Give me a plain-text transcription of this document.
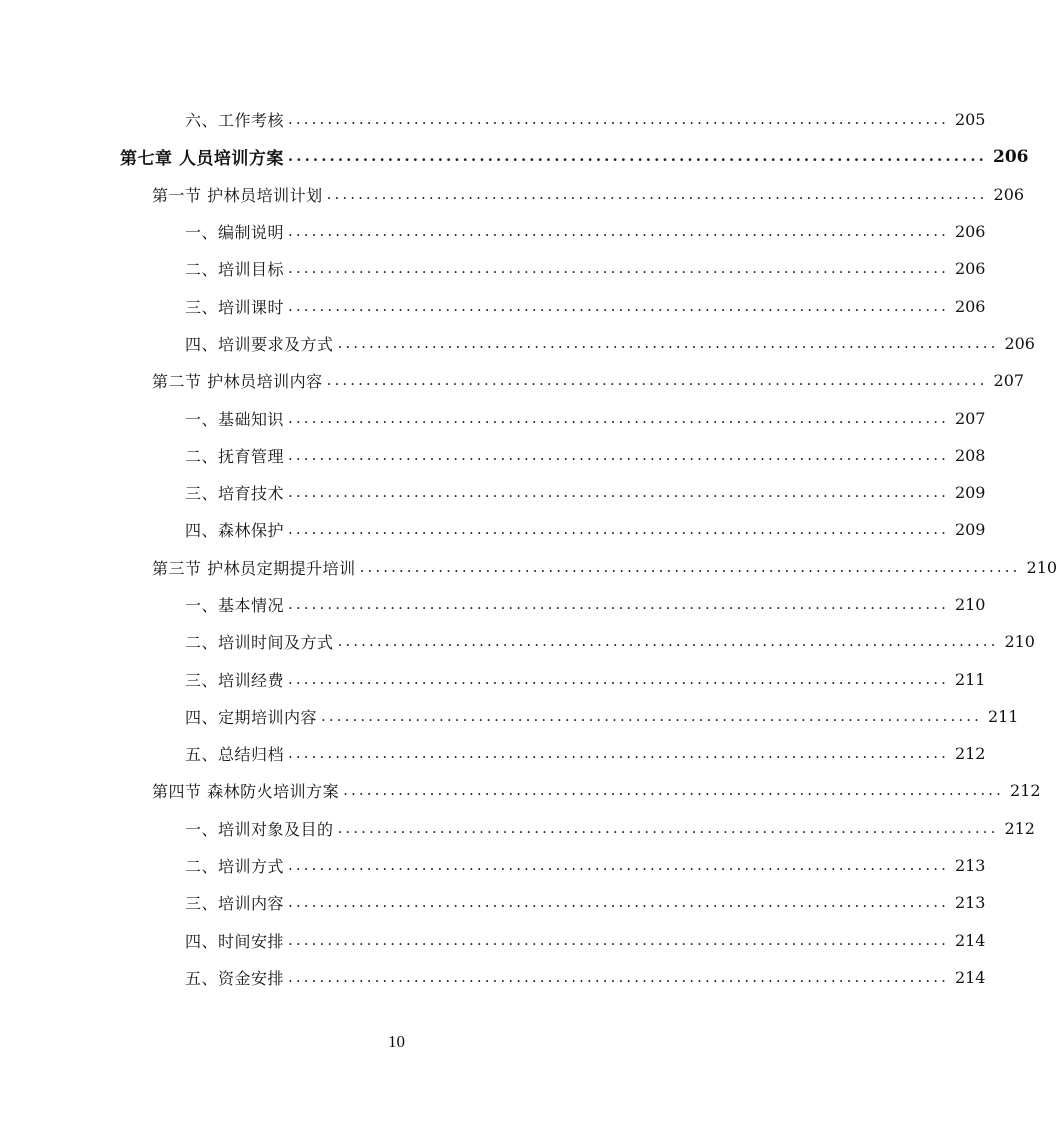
六、工作考核 .................................................................................... 205
第七章 人员培训方案 .................................................................................... 206
第一节 护林员培训计划 .................................................................................... 206
一、编制说明 .................................................................................... 206
二、培训目标 .................................................................................... 206
三、培训课时 .................................................................................... 206
四、培训要求及方式 .................................................................................... 206
第二节 护林员培训内容 .................................................................................... 207
一、基础知识 .................................................................................... 207
二、抚育管理 .................................................................................... 208
三、培育技术 .................................................................................... 209
四、森林保护 .................................................................................... 209
第三节 护林员定期提升培训 .................................................................................... 210
一、基本情况 .................................................................................... 210
二、培训时间及方式 .................................................................................... 210
三、培训经费 .................................................................................... 211
四、定期培训内容 .................................................................................... 211
五、总结归档 .................................................................................... 212
第四节 森林防火培训方案 .................................................................................... 212
一、培训对象及目的 .................................................................................... 212
二、培训方式 .................................................................................... 213
三、培训内容 .................................................................................... 213
四、时间安排 .................................................................................... 214
五、资金安排 .................................................................................... 214
10
